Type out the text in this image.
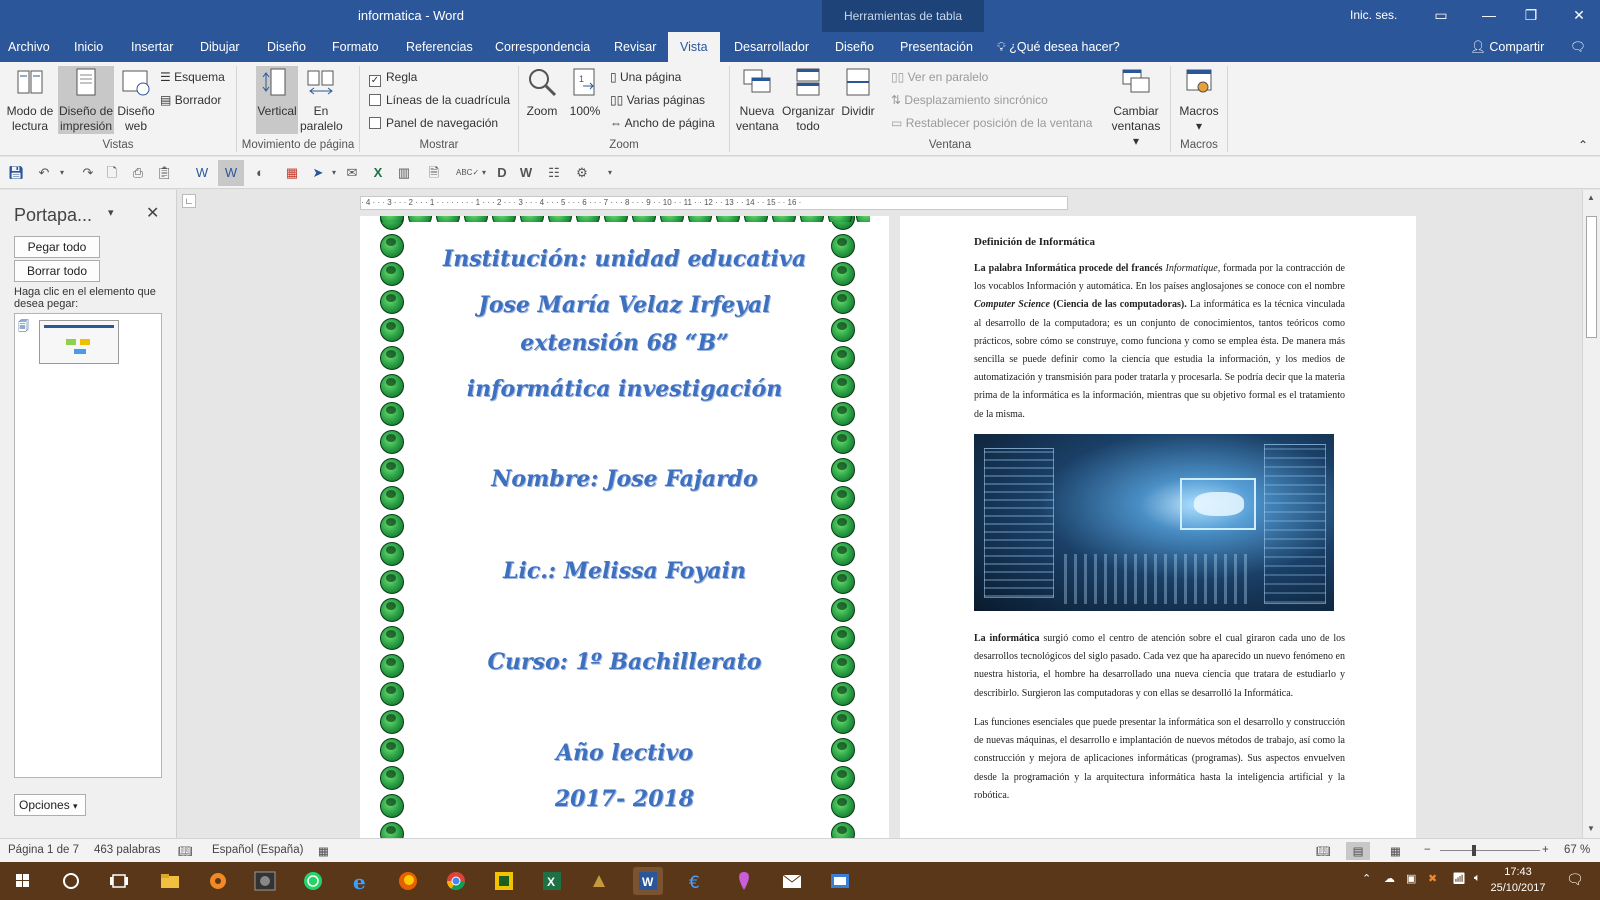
informatica - Word	Herramientas de tabla	Inic. ses.	▭	—	❐	✕
Archivo Inicio Insertar Dibujar Diseño Formato Referencias Correspondencia Revisar	Vista	Desarrollador Diseño Presentación 💡︎ ¿Qué desea hacer?	👤︎ Compartir 🗨︎
Modo de lectura
Diseño de impresión
Diseño web
☰ Esquema
▤ Borrador
Vistas
Vertical	En paralelo
Movimiento de página
✓ Regla
Líneas de la cuadrícula
Panel de navegación
Mostrar
Zoom
1
100%
▯ Una página
▯▯ Varias páginas
⇔ Ancho de página
Zoom
Nueva ventana
Organizar todo
Dividir
▯▯ Ver en paralelo
⇅ Desplazamiento sincrónico
▭ Restablecer posición de la ventana
Cambiar ventanas ▾
Ventana
Macros
▾
Macros	⌃
💾︎ ↶	▾	↷ 🗋︎ ⎙ 📋︎ W	W	◐	▦ ➤	▾ ✉ X ▥ 🗎︎	ABC✓ ▾ D W ☷ ⚙	▾
Portapa... ▾ ✕
Pegar todo
Borrar todo
Haga clic en el elemento que desea pegar:
🗐︎
Opciones ▾
∟	· 4 · · · 3 · · · 2 · · · 1 · · · · · · · · 1 · · · 2 · · · 3 · · · 4 · · · 5 · · · 6 · · · 7 · · · 8 · · · 9 · · 10 · · 11 · · 12 · · 13 · · 14 · · 15 · · 16 ·
Institución: unidad educativa
Jose María Velaz Irfeyal
extensión 68 “B”
informática investigación
Nombre: Jose Fajardo
Lic.: Melissa Foyain
Curso: 1º Bachillerato
Año lectivo
2017- 2018
Definición de Informática
La palabra Informática procede del francés Informatique, formada por la contracción de los vocablos Información y automática. En los países anglosajones se conoce con el nombre Computer Science (Ciencia de las computadoras). La informática es la técnica vinculada al desarrollo de la computadora; es un conjunto de conocimientos, tantos teóricos como prácticos, sobre cómo se construye, como funciona y como se emplea ésta. De manera más sencilla se puede definir como la ciencia que estudia la información, y los medios de automatización y transmisión para poder tratarla y procesarla. Se podría decir que la materia prima de la informática es la información, mientras que su objetivo formal es el tratamiento de la misma.
La informática surgió como el centro de atención sobre el cual giraron cada uno de los desarrollos tecnológicos del siglo pasado. Cada vez que ha aparecido un nuevo fenómeno en nuestra historia, el hombre ha desarrollado una nueva ciencia que tratara de estudiarlo y describirlo. Surgieron las computadoras y con ellas se desarrolló la Informática.
Las funciones esenciales que puede presentar la informática son el desarrollo y construcción de nuevas máquinas, el desarrollo e implantación de nuevos métodos de trabajo, así como la construcción y mejora de aplicaciones informáticas (programas). Sus aspectos envuelven desde la programación y la arquitectura informática hasta la inteligencia artificial y la robótica.
▲
▼
Página 1 de 7 463 palabras 📖︎ Español (España) ▦	📖︎	▤	▦ −	+ 67 %
e	X	W €	⌃ ☁ ▣ ✖ 📶︎ 🔈︎	17:43
25/10/2017
🗨︎
